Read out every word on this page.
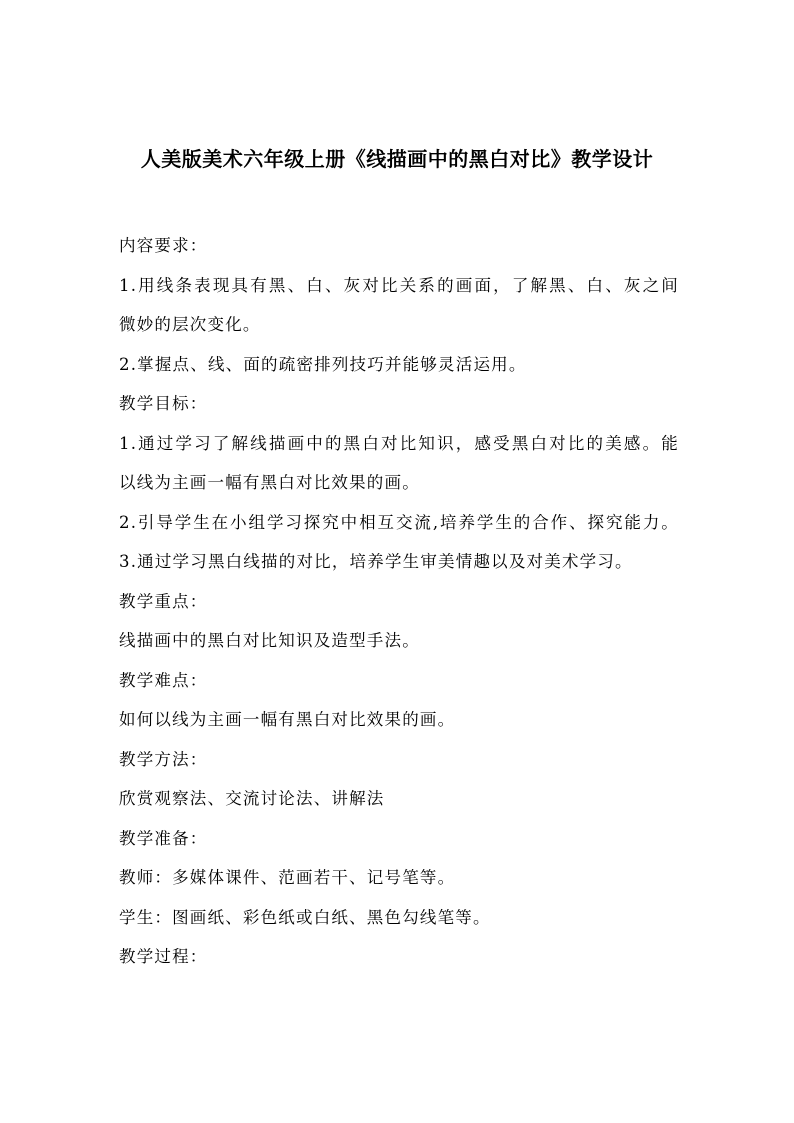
人美版美术六年级上册《线描画中的黑白对比》教学设计
内容要求：
1.用线条表现具有黑、白、灰对比关系的画面，了解黑、白、灰之间
微妙的层次变化。
2.掌握点、线、面的疏密排列技巧并能够灵活运用。
教学目标：
1.通过学习了解线描画中的黑白对比知识，感受黑白对比的美感。能
以线为主画一幅有黑白对比效果的画。
2.引导学生在小组学习探究中相互交流,培养学生的合作、探究能力。
3.通过学习黑白线描的对比，培养学生审美情趣以及对美术学习。
教学重点：
线描画中的黑白对比知识及造型手法。
教学难点：
如何以线为主画一幅有黑白对比效果的画。
教学方法：
欣赏观察法、交流讨论法、讲解法
教学准备：
教师：多媒体课件、范画若干、记号笔等。
学生：图画纸、彩色纸或白纸、黑色勾线笔等。
教学过程：
